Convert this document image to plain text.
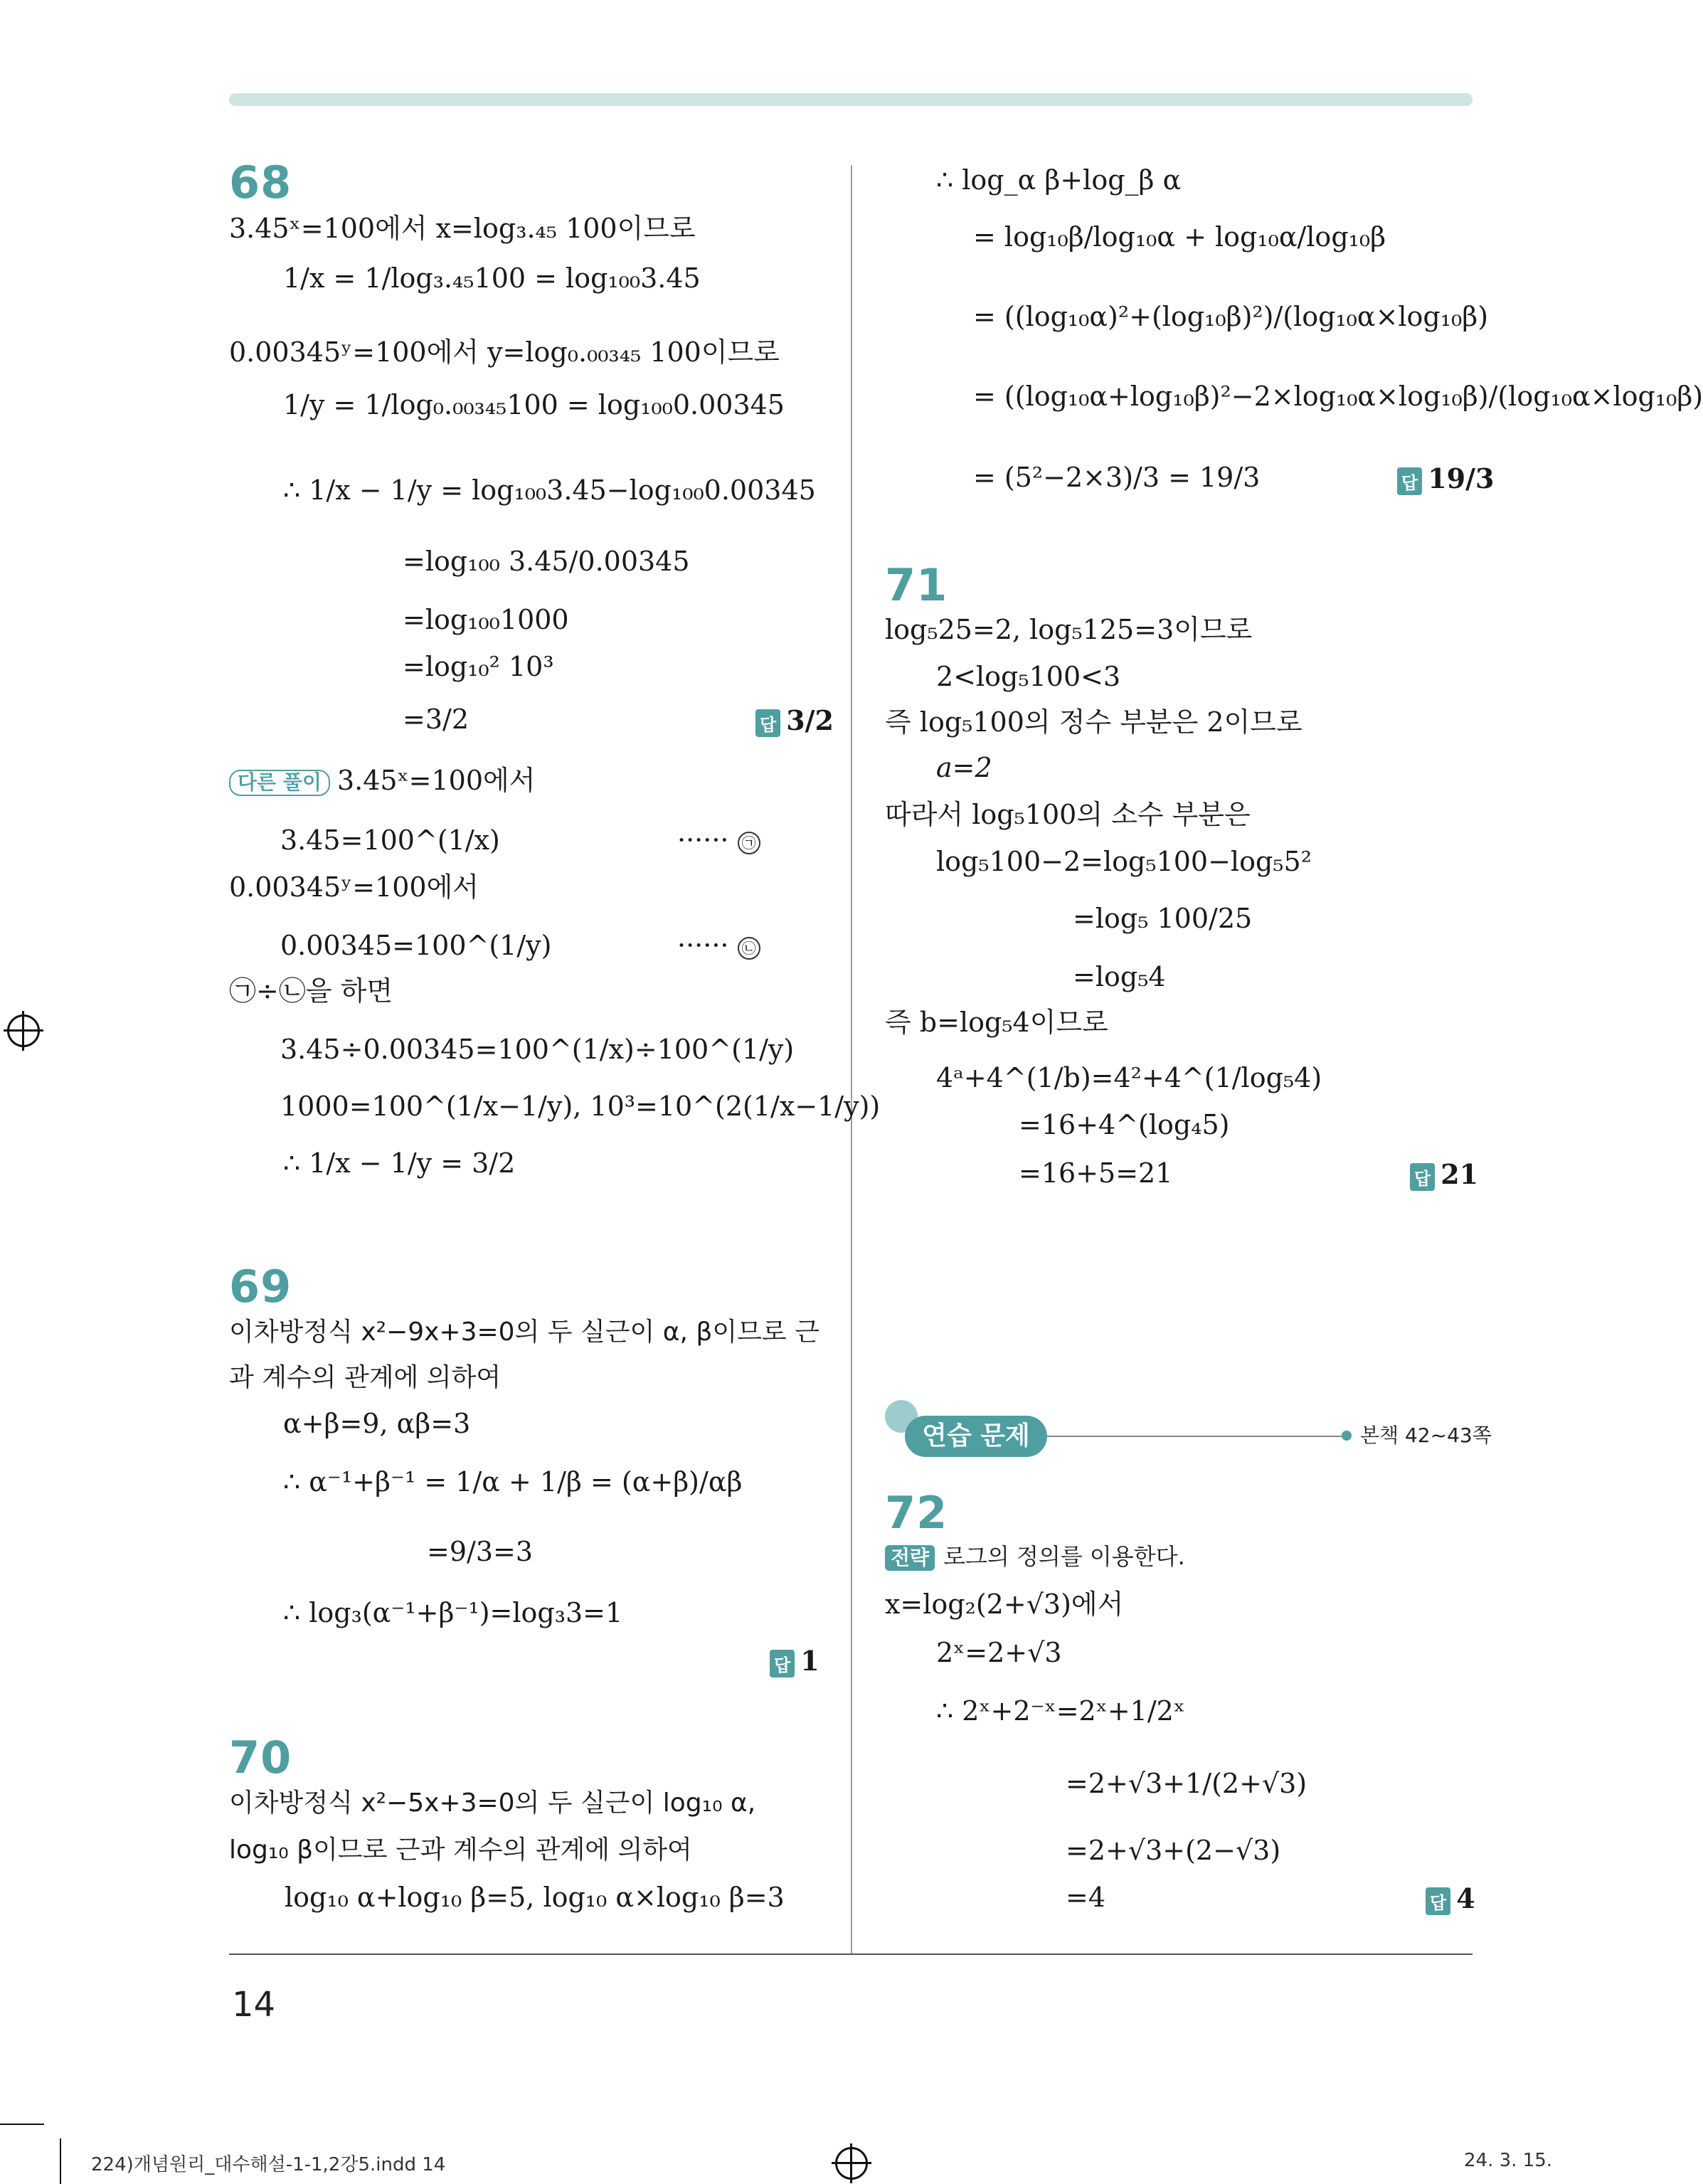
68
3.45ˣ=100에서 x=log₃.₄₅ 100이므로
1/x = 1/log₃.₄₅100 = log₁₀₀3.45
0.00345ʸ=100에서 y=log₀.₀₀₃₄₅ 100이므로
1/y = 1/log₀.₀₀₃₄₅100 = log₁₀₀0.00345
∴ 1/x − 1/y = log₁₀₀3.45−log₁₀₀0.00345
=log₁₀₀ 3.45/0.00345
=log₁₀₀1000
=log₁₀² 10³
=3/2	답 3/2
다른 풀이 3.45ˣ=100에서
3.45=100^(1/x)	······ ㉠
0.00345ʸ=100에서
0.00345=100^(1/y)	······ ㉡
㉠÷㉡을 하면
3.45÷0.00345=100^(1/x)÷100^(1/y)
1000=100^(1/x−1/y), 10³=10^(2(1/x−1/y))
∴ 1/x − 1/y = 3/2
69
이차방정식 x²−9x+3=0의 두 실근이 α, β이므로 근
과 계수의 관계에 의하여
α+β=9, αβ=3
∴ α⁻¹+β⁻¹ = 1/α + 1/β = (α+β)/αβ
=9/3=3
∴ log₃(α⁻¹+β⁻¹)=log₃3=1
답 1
70
이차방정식 x²−5x+3=0의 두 실근이 log₁₀ α,
log₁₀ β이므로 근과 계수의 관계에 의하여
log₁₀ α+log₁₀ β=5, log₁₀ α×log₁₀ β=3
∴ log_α β+log_β α
= log₁₀β/log₁₀α + log₁₀α/log₁₀β
= ((log₁₀α)²+(log₁₀β)²)/(log₁₀α×log₁₀β)
= ((log₁₀α+log₁₀β)²−2×log₁₀α×log₁₀β)/(log₁₀α×log₁₀β)
= (5²−2×3)/3 = 19/3	답 19/3
71
log₅25=2, log₅125=3이므로
2<log₅100<3
즉 log₅100의 정수 부분은 2이므로
a=2
따라서 log₅100의 소수 부분은
log₅100−2=log₅100−log₅5²
=log₅ 100/25
=log₅4
즉 b=log₅4이므로
4ᵃ+4^(1/b)=4²+4^(1/log₅4)
=16+4^(log₄5)
=16+5=21	답 21
연습 문제	본책 42~43쪽
72
전략 로그의 정의를 이용한다.
x=log₂(2+√3)에서
2ˣ=2+√3
∴ 2ˣ+2⁻ˣ=2ˣ+1/2ˣ
=2+√3+1/(2+√3)
=2+√3+(2−√3)
=4	답 4
14
224)개념원리_대수해설-1-1,2강5.indd 14	24. 3. 15.
